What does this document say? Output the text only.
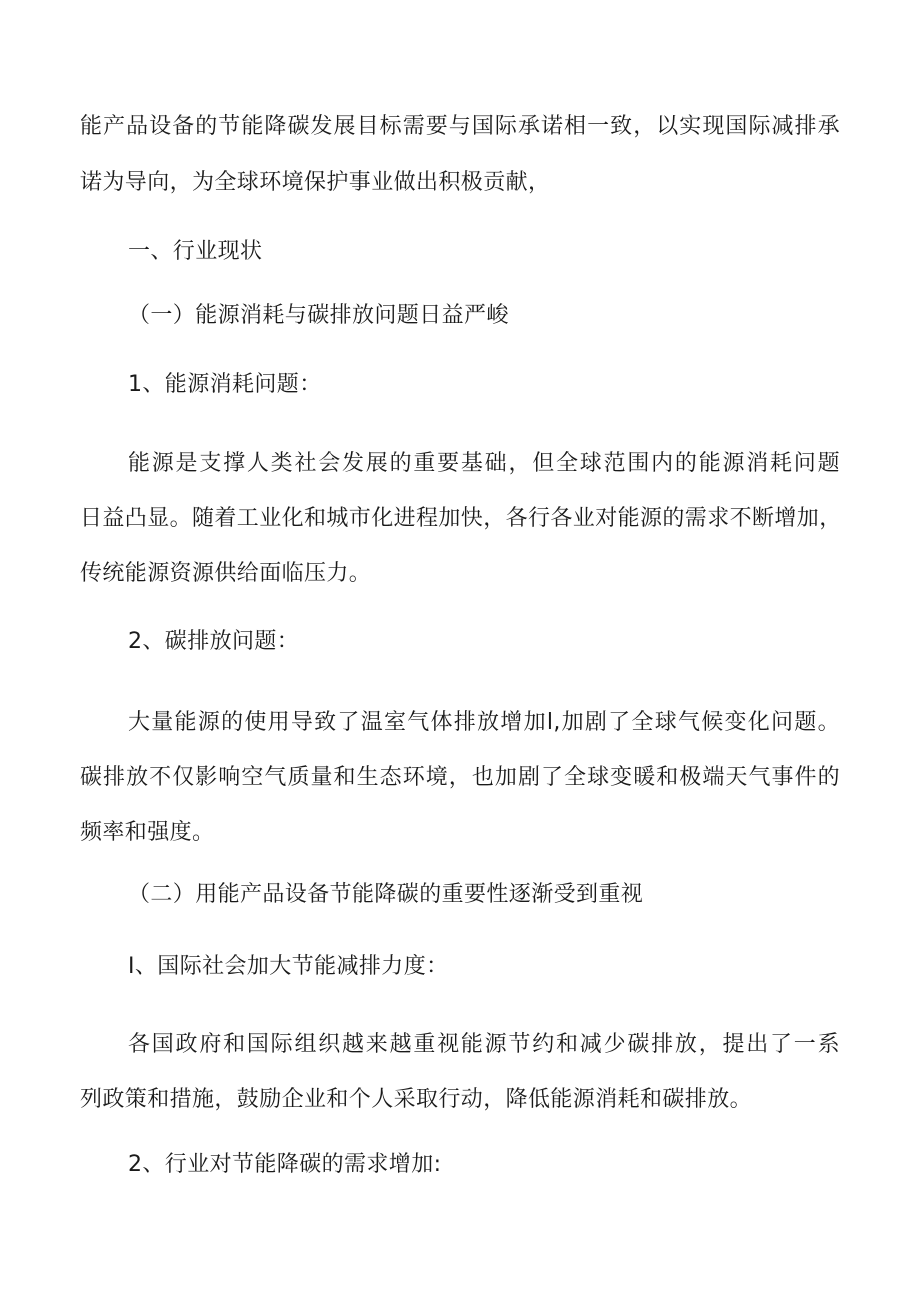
能产品设备的节能降碳发展目标需要与国际承诺相一致，以实现国际减排承
诺为导向，为全球环境保护事业做出积极贡献，
一、行业现状
（一）能源消耗与碳排放问题日益严峻
1、能源消耗问题：
能源是支撑人类社会发展的重要基础，但全球范围内的能源消耗问题
日益凸显。随着工业化和城市化进程加快，各行各业对能源的需求不断增加，
传统能源资源供给面临压力。
2、碳排放问题：
大量能源的使用导致了温室气体排放增加l,加剧了全球气候变化问题。
碳排放不仅影响空气质量和生态环境，也加剧了全球变暖和极端天气事件的
频率和强度。
（二）用能产品设备节能降碳的重要性逐渐受到重视
I、国际社会加大节能减排力度：
各国政府和国际组织越来越重视能源节约和减少碳排放，提出了一系
列政策和措施，鼓励企业和个人采取行动，降低能源消耗和碳排放。
2、行业对节能降碳的需求增加:
